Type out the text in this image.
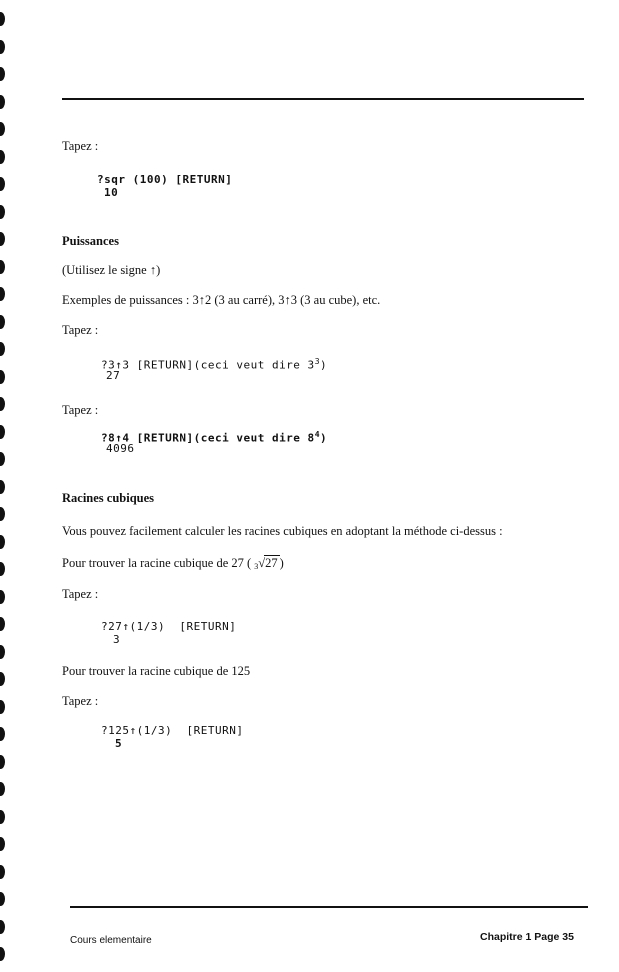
Tapez :
?sqr (100) [RETURN]
10
Puissances
(Utilisez le signe ↑)
Exemples de puissances : 3↑2 (3 au carré), 3↑3 (3 au cube), etc.
Tapez :
?3↑3 [RETURN](ceci veut dire $3^3$)
27
Tapez :
?8↑4 [RETURN](ceci veut dire $8^4$)
4096
Racines cubiques
Vous pouvez facilement calculer les racines cubiques en adoptant la méthode ci-dessus :
Pour trouver la racine cubique de 27 ( 3√27 )
Tapez :
?27↑(1/3)  [RETURN]
3
Pour trouver la racine cubique de 125
Tapez :
?125↑(1/3)  [RETURN]
5
Cours elementaire	Chapitre 1 Page 35
